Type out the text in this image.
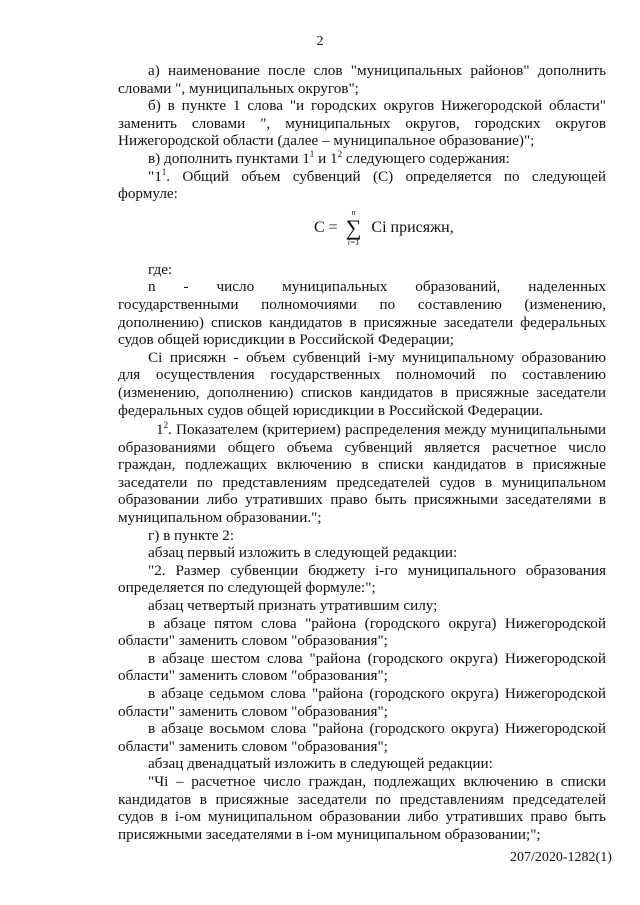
2

а) наименование после слов "муниципальных районов" дополнить словами ", муниципальных округов";

б) в пункте 1 слова "и городских округов Нижегородской области" заменить словами ", муниципальных округов, городских округов Нижегородской области (далее – муниципальное образование)";

в) дополнить пунктами $1^1$ и $1^2$ следующего содержания:

"$1^1$. Общий объем субвенций (С) определяется по следующей формуле:

C =
n
∑
i=1
Ci присяжн,

где:

n - число муниципальных образований, наделенных

государственными полномочиями по составлению (изменению, дополнению) списков кандидатов в присяжные заседатели федеральных судов общей юрисдикции в Российской Федерации;

Ci присяжн - объем субвенций i-му муниципальному образованию для осуществления государственных полномочий по составлению (изменению, дополнению) списков кандидатов в присяжные заседатели федеральных судов общей юрисдикции в Российской Федерации.

$1^2$. Показателем (критерием) распределения между муниципальными образованиями общего объема субвенций является расчетное число граждан, подлежащих включению в списки кандидатов в присяжные заседатели по представлениям председателей судов в муниципальном образовании либо утративших право быть присяжными заседателями в муниципальном образовании.";

г) в пункте 2:

абзац первый изложить в следующей редакции:

"2. Размер субвенции бюджету i-го муниципального образования определяется по следующей формуле:";

абзац четвертый признать утратившим силу;

в абзаце пятом слова "района (городского округа) Нижегородской области" заменить словом "образования";

в абзаце шестом слова "района (городского округа) Нижегородской области" заменить словом "образования";

в абзаце седьмом слова "района (городского округа) Нижегородской области" заменить словом "образования";

в абзаце восьмом слова "района (городского округа) Нижегородской области" заменить словом "образования";

абзац двенадцатый изложить в следующей редакции:

"Чi – расчетное число граждан, подлежащих включению в списки кандидатов в присяжные заседатели по представлениям председателей судов в i-ом муниципальном образовании либо утративших право быть присяжными заседателями в i-ом муниципальном образовании;";

207/2020-1282(1)
